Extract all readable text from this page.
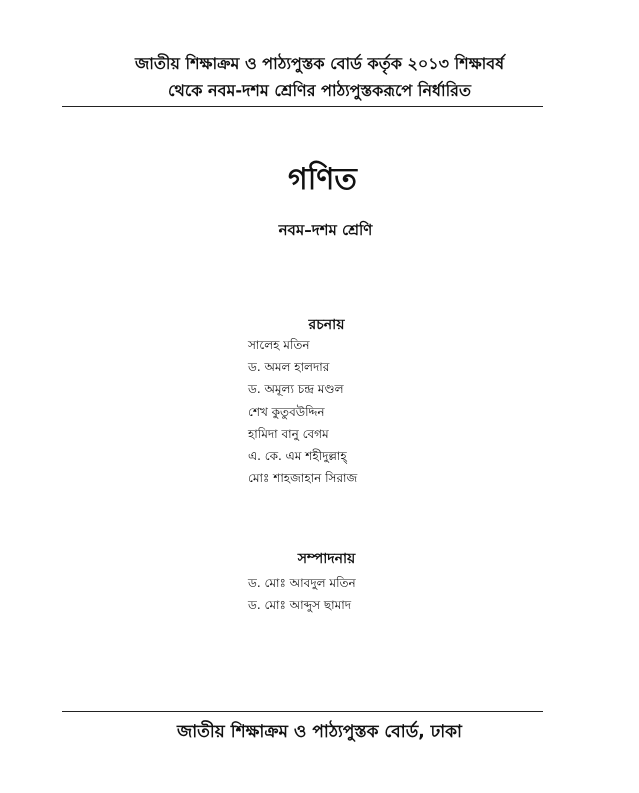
জাতীয় শিক্ষাক্রম ও পাঠ্যপুস্তক বোর্ড কর্তৃক ২০১৩ শিক্ষাবর্ষ
থেকে নবম-দশম শ্রেণির পাঠ্যপুস্তকরূপে নির্ধারিত
গণিত
নবম–দশম শ্রেণি
রচনায়
সালেহ মতিন
ড. অমল হালদার
ড. অমূল্য চন্দ্র মণ্ডল
শেখ কুতুবউদ্দিন
হামিদা বানু বেগম
এ. কে. এম শহীদুল্লাহ্
মোঃ শাহজাহান সিরাজ
সম্পাদনায়
ড. মোঃ আবদুল মতিন
ড. মোঃ আব্দুস ছামাদ
জাতীয় শিক্ষাক্রম ও পাঠ্যপুস্তক বোর্ড, ঢাকা
